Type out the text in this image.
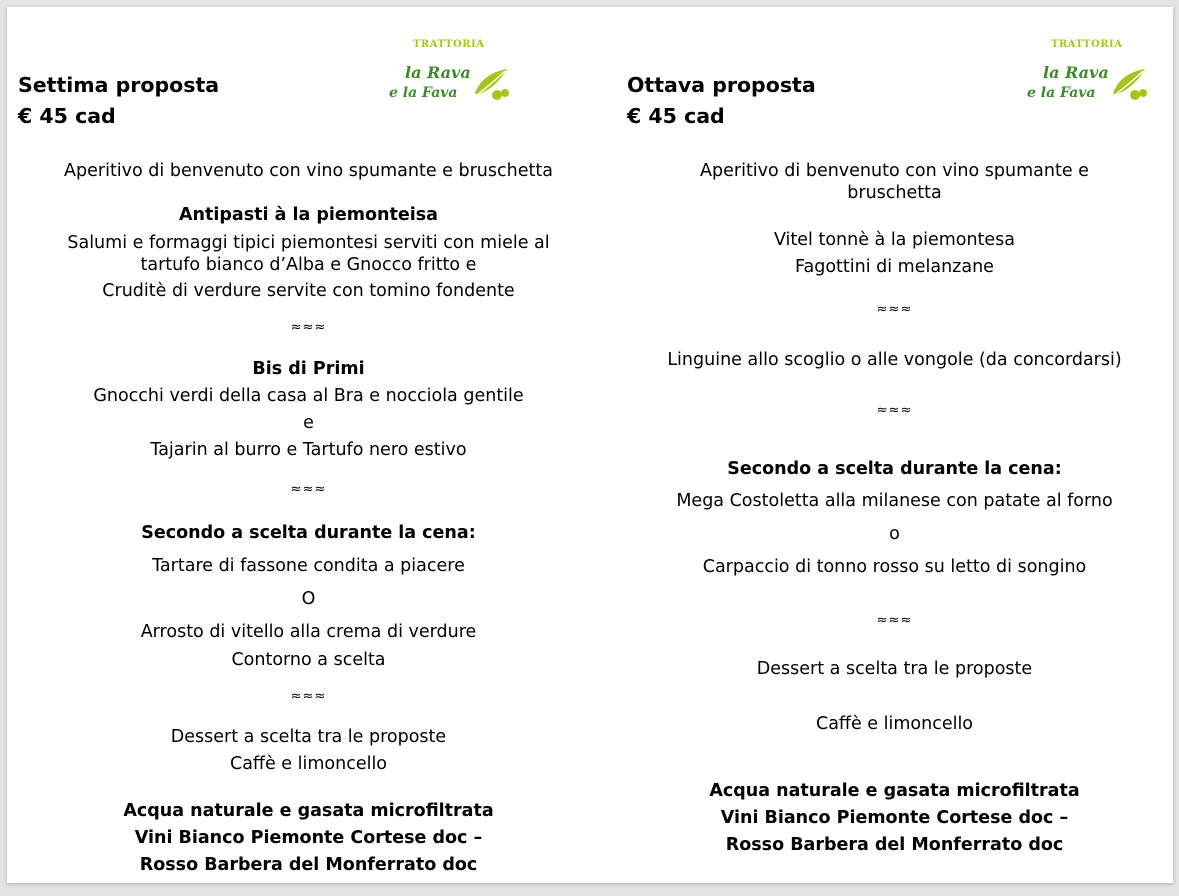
Settima proposta
€ 45 cad
TRATTORIA
la Rava
e la Fava
Aperitivo di benvenuto con vino spumante e bruschetta
Antipasti à la piemonteisa
Salumi e formaggi tipici piemontesi serviti con miele al
tartufo bianco d’Alba e Gnocco fritto e
Cruditè di verdure servite con tomino fondente
≈≈≈
Bis di Primi
Gnocchi verdi della casa al Bra e nocciola gentile
e
Tajarin al burro e Tartufo nero estivo
≈≈≈
Secondo a scelta durante la cena:
Tartare di fassone condita a piacere
O
Arrosto di vitello alla crema di verdure
Contorno a scelta
≈≈≈
Dessert a scelta tra le proposte
Caffè e limoncello
Acqua naturale e gasata microfiltrata
Vini Bianco Piemonte Cortese doc –
Rosso Barbera del Monferrato doc
Ottava proposta
€ 45 cad
TRATTORIA
la Rava
e la Fava
Aperitivo di benvenuto con vino spumante e
bruschetta
Vitel tonnè à la piemontesa
Fagottini di melanzane
≈≈≈
Linguine allo scoglio o alle vongole (da concordarsi)
≈≈≈
Secondo a scelta durante la cena:
Mega Costoletta alla milanese con patate al forno
o
Carpaccio di tonno rosso su letto di songino
≈≈≈
Dessert a scelta tra le proposte
Caffè e limoncello
Acqua naturale e gasata microfiltrata
Vini Bianco Piemonte Cortese doc –
Rosso Barbera del Monferrato doc
